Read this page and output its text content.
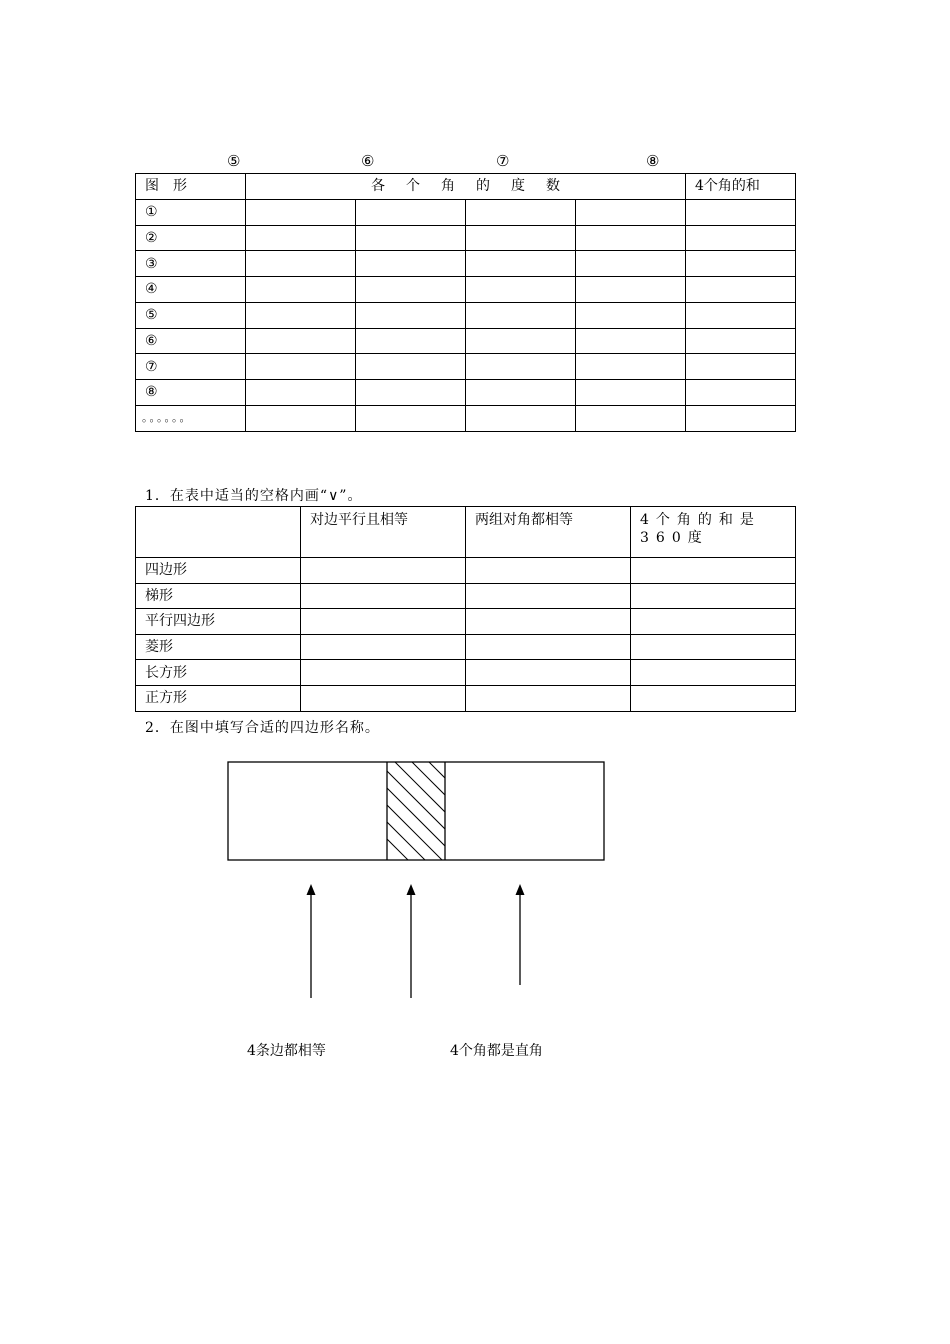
⑤	⑥	⑦	⑧
图　形	各个角的度数				4个角的和
①					
②					
③					
④					
⑤					
⑥					
⑦					
⑧					
。。。。。。					
1．在表中适当的空格内画“∨”。
	对边平行且相等	两组对角都相等	4个角的和是360度
四边形			
梯形			
平行四边形			
菱形			
长方形			
正方形			
2．在图中填写合适的四边形名称。
4条边都相等	4个角都是直角
